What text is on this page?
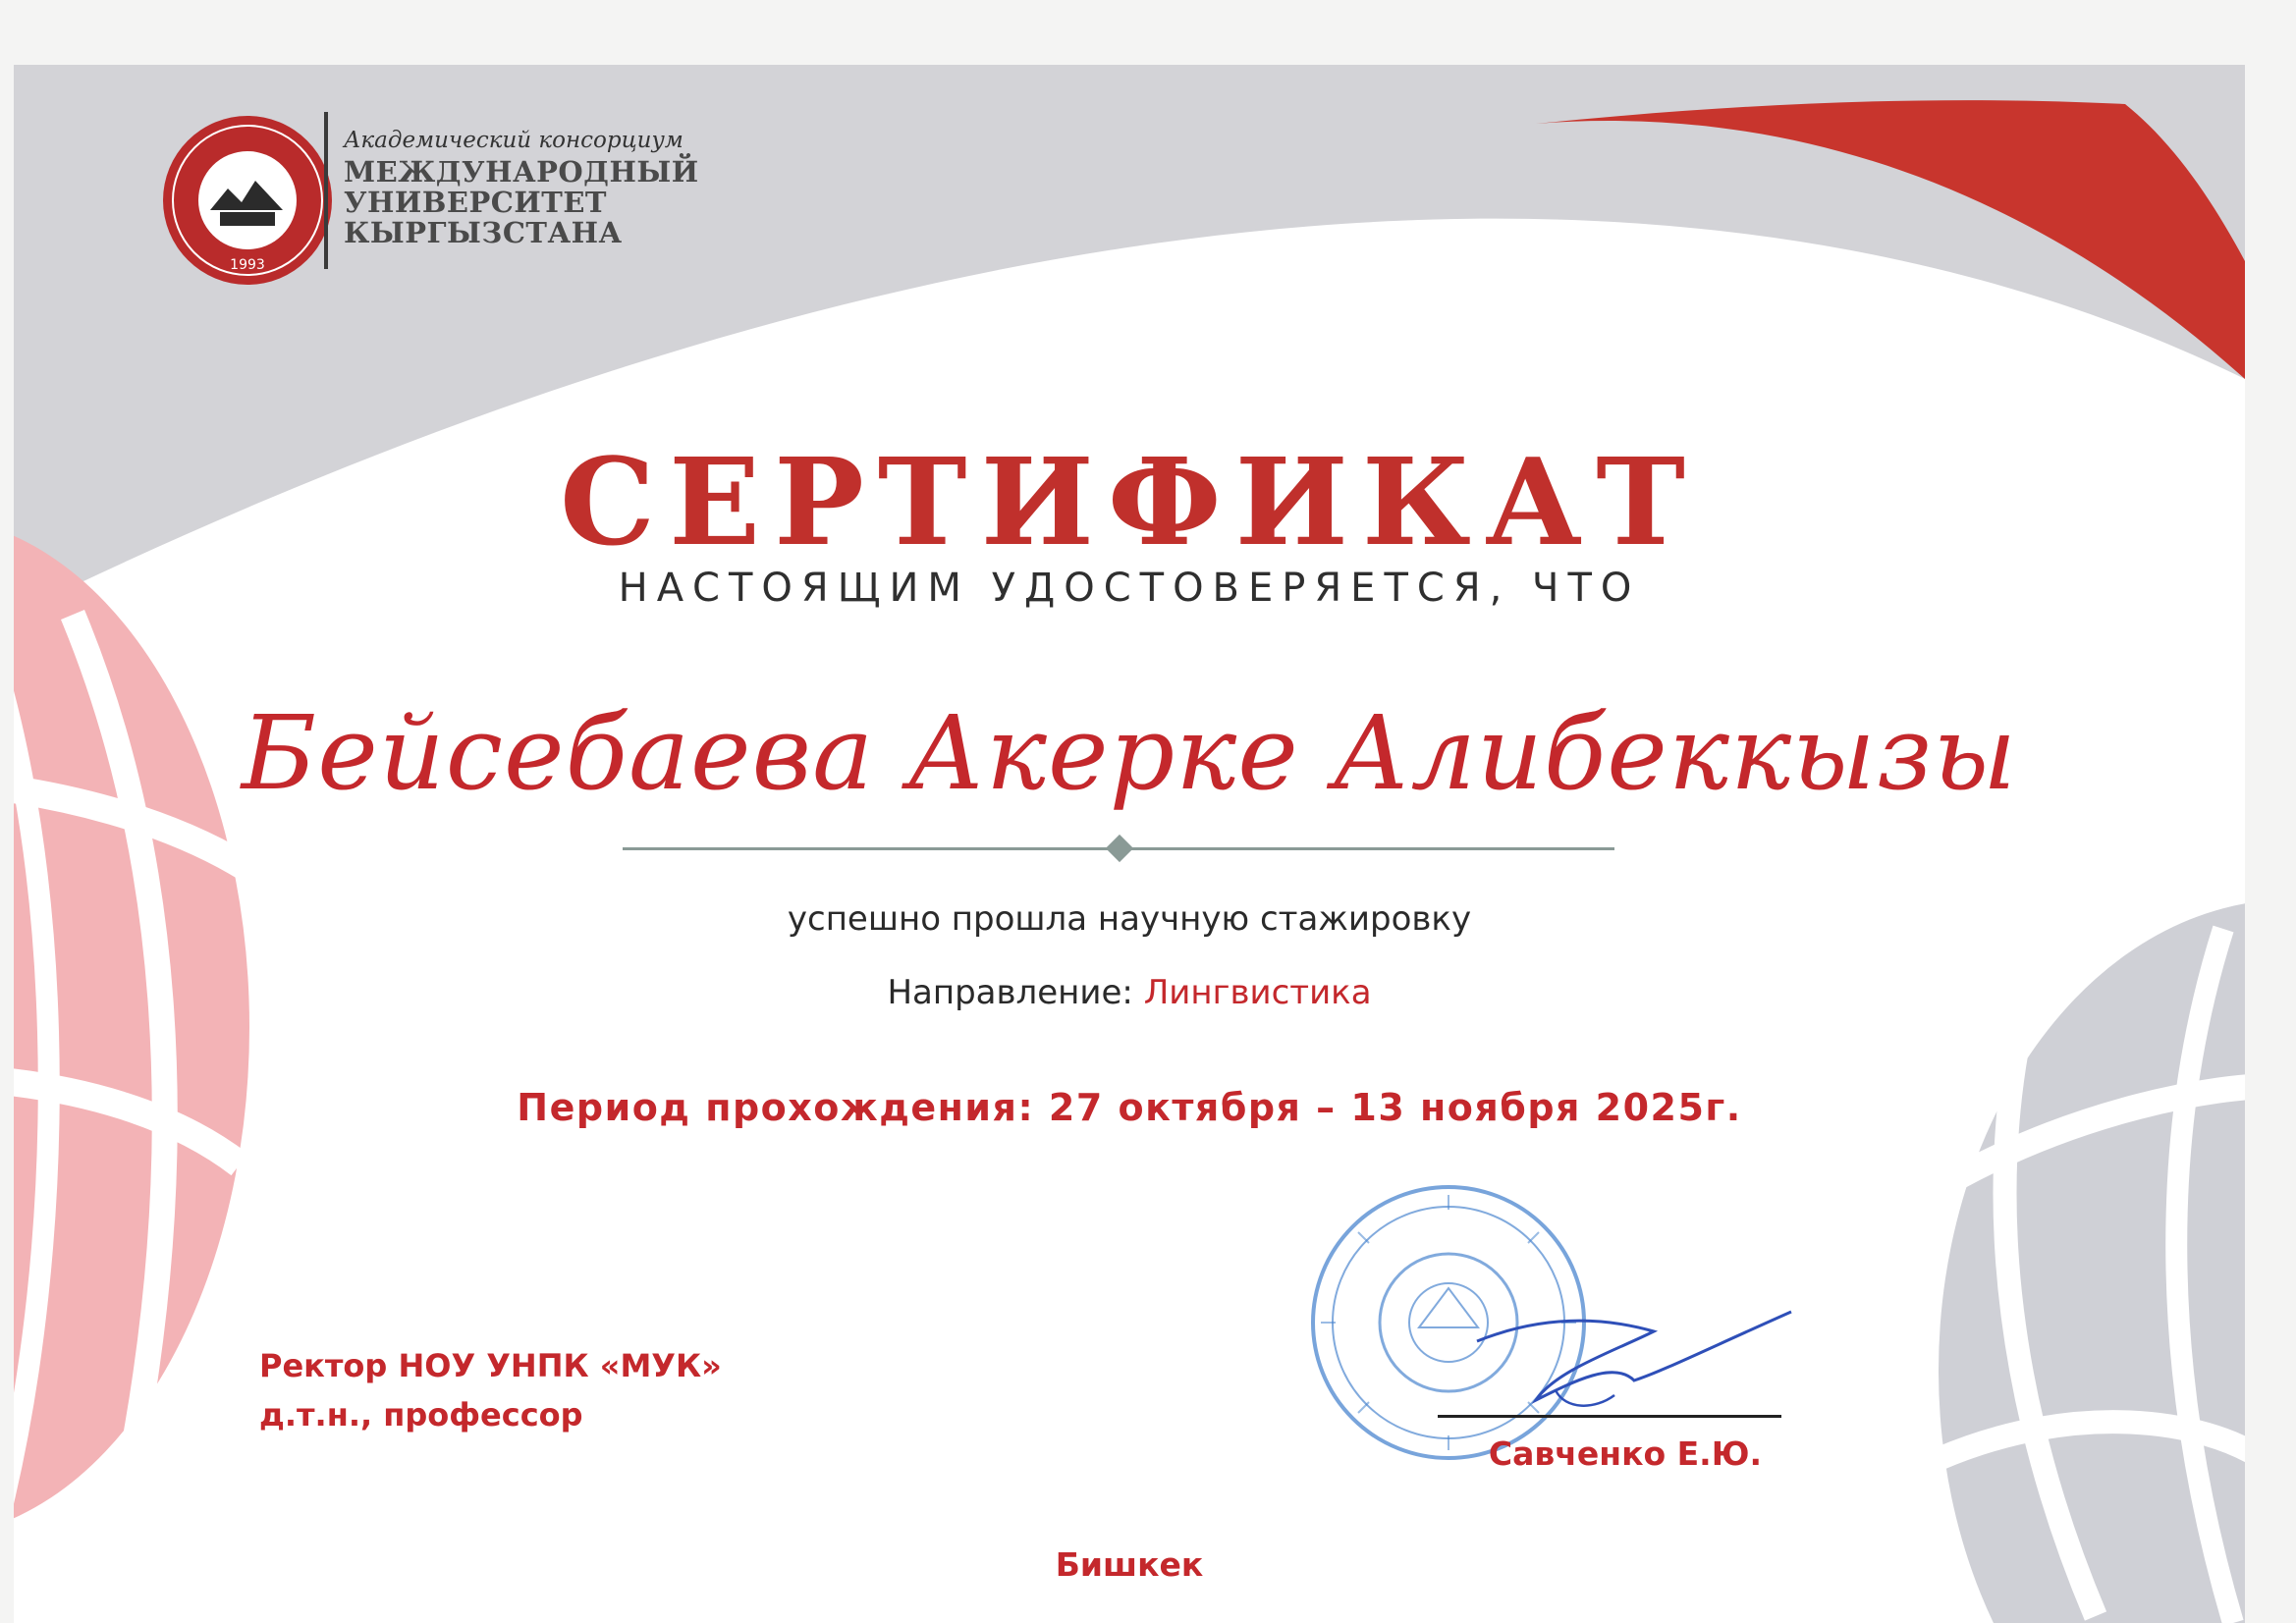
1993
Академический консорциум
МЕЖДУНАРОДНЫЙ
УНИВЕРСИТЕТ
КЫРГЫЗСТАНА
СЕРТИФИКАТ
НАСТОЯЩИМ УДОСТОВЕРЯЕТСЯ, ЧТО
Бейсебаева Акерке Алибеккызы
успешно прошла научную стажировку
Направление: Лингвистика
Период прохождения: 27 октября – 13 ноября 2025г.
Ректор НОУ УНПК «МУК»
д.т.н., профессор
Савченко Е.Ю.
Бишкек
